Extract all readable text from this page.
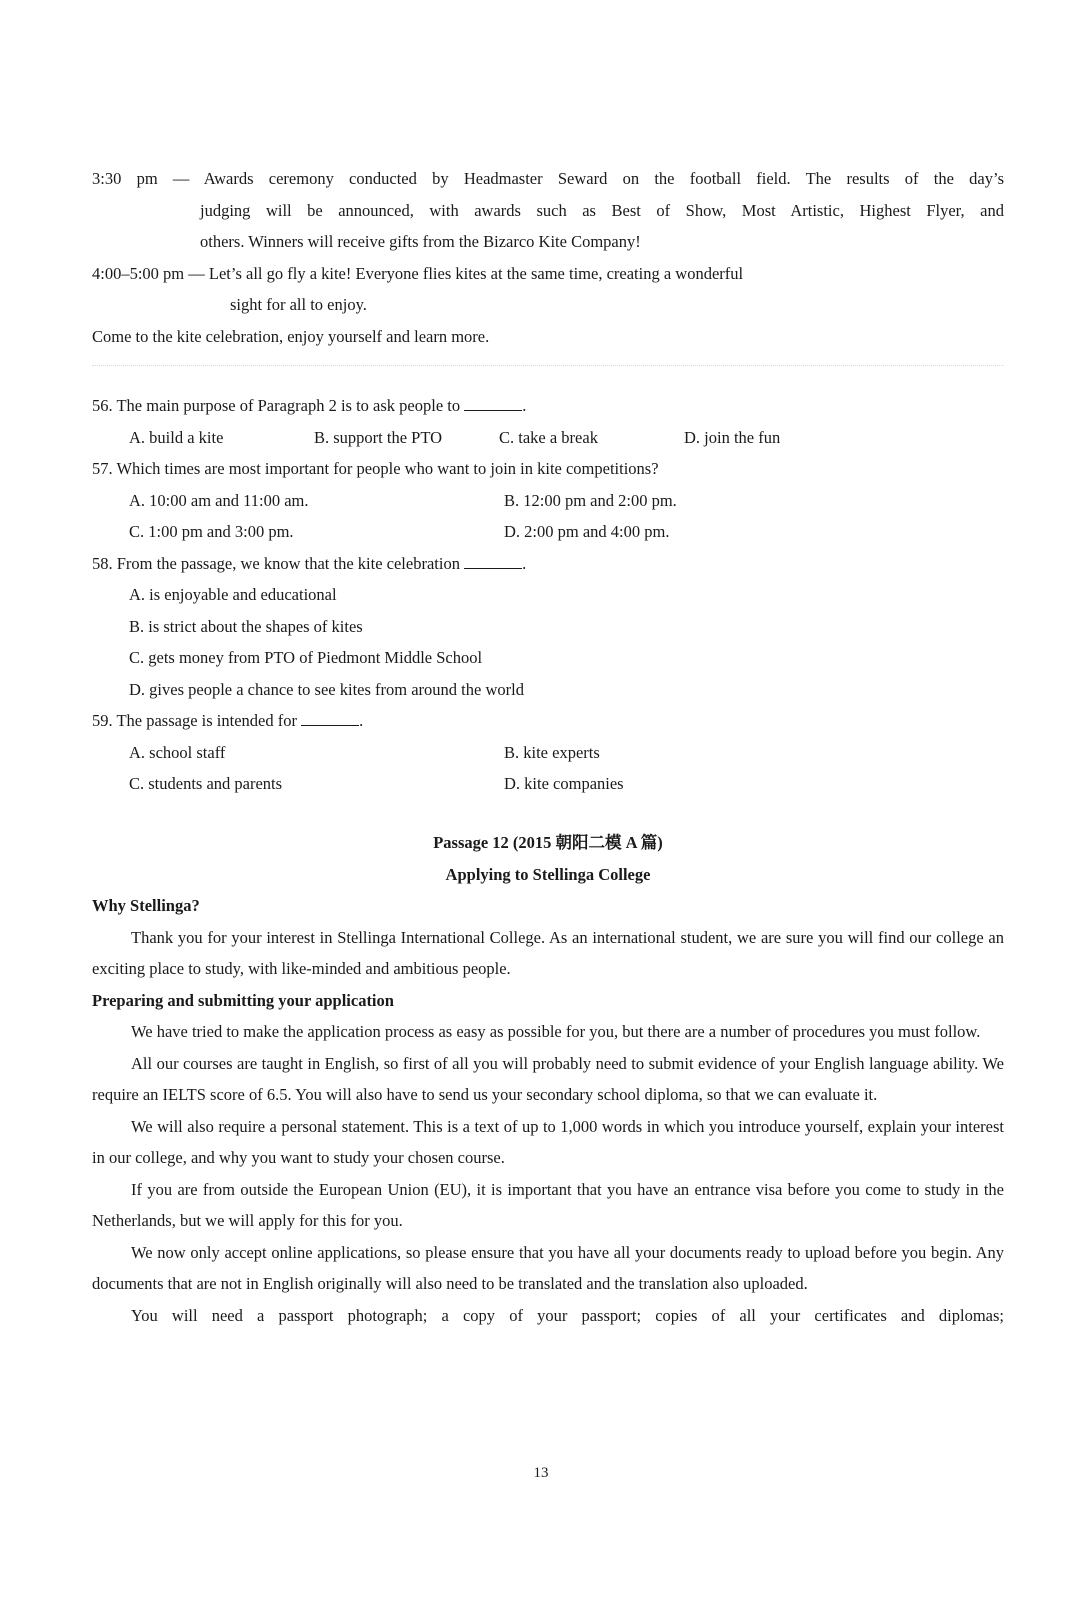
3:30 pm — Awards ceremony conducted by Headmaster Seward on the football field. The results of the day’s
judging will be announced, with awards such as Best of Show, Most Artistic, Highest Flyer, and
others. Winners will receive gifts from the Bizarco Kite Company!
4:00–5:00 pm — Let’s all go fly a kite! Everyone flies kites at the same time, creating a wonderful
sight for all to enjoy.
Come to the kite celebration, enjoy yourself and learn more.
56. The main purpose of Paragraph 2 is to ask people to	.
A. build a kite	B. support the PTO	C. take a break	D. join the fun
57. Which times are most important for people who want to join in kite competitions?
A. 10:00 am and 11:00 am.	B. 12:00 pm and 2:00 pm.
C. 1:00 pm and 3:00 pm.	D. 2:00 pm and 4:00 pm.
58. From the passage, we know that the kite celebration	.
A. is enjoyable and educational
B. is strict about the shapes of kites
C. gets money from PTO of Piedmont Middle School
D. gives people a chance to see kites from around the world
59. The passage is intended for	.
A. school staff	B. kite experts
C. students and parents	D. kite companies
Passage 12 (2015 朝阳二模 A 篇)
Applying to Stellinga College
Why Stellinga?
Thank you for your interest in Stellinga International College. As an international student, we are sure you will find our college an exciting place to study, with like-minded and ambitious people.
Preparing and submitting your application
We have tried to make the application process as easy as possible for you, but there are a number of procedures you must follow.
All our courses are taught in English, so first of all you will probably need to submit evidence of your English language ability. We require an IELTS score of 6.5. You will also have to send us your secondary school diploma, so that we can evaluate it.
We will also require a personal statement. This is a text of up to 1,000 words in which you introduce yourself, explain your interest in our college, and why you want to study your chosen course.
If you are from outside the European Union (EU), it is important that you have an entrance visa before you come to study in the Netherlands, but we will apply for this for you.
We now only accept online applications, so please ensure that you have all your documents ready to upload before you begin. Any documents that are not in English originally will also need to be translated and the translation also uploaded.
You will need a passport photograph; a copy of your passport; copies of all your certificates and diplomas;
13
